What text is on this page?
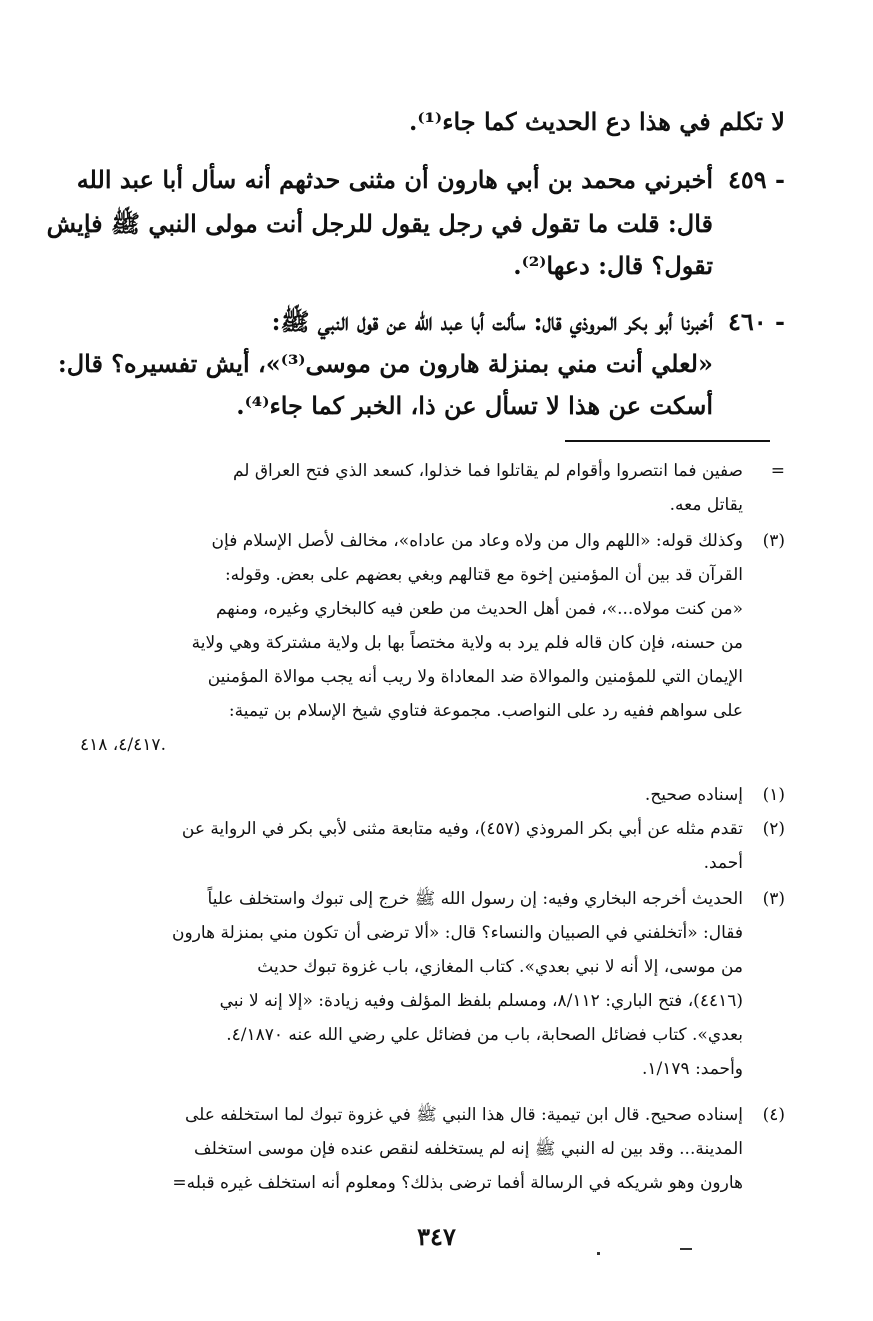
لا تكلم في هذا دع الحديث كما جاء⁽¹⁾.
٤٥٩ -
أخبرني محمد بن أبي هارون أن مثنى حدثهم أنه سأل أبا عبد الله
قال: قلت ما تقول في رجل يقول للرجل أنت مولى النبي ﷺ فإيش
تقول؟ قال: دعها⁽²⁾.
٤٦٠ -
أخبرنا أبو بكر المروذي قال: سألت أبا عبد الله عن قول النبي ﷺ:
«لعلي أنت مني بمنزلة هارون من موسى⁽³⁾»، أيش تفسيره؟ قال:
أسكت عن هذا لا تسأل عن ذا، الخبر كما جاء⁽⁴⁾.
=
صفين فما انتصروا وأقوام لم يقاتلوا فما خذلوا، كسعد الذي فتح العراق لم
يقاتل معه.
(٣)
وكذلك قوله: «اللهم وال من ولاه وعاد من عاداه»، مخالف لأصل الإسلام فإن
القرآن قد بين أن المؤمنين إخوة مع قتالهم وبغي بعضهم على بعض. وقوله:
«من كنت مولاه...»، فمن أهل الحديث من طعن فيه كالبخاري وغيره، ومنهم
من حسنه، فإن كان قاله فلم يرد به ولاية مختصاً بها بل ولاية مشتركة وهي ولاية
الإيمان التي للمؤمنين والموالاة ضد المعاداة ولا ريب أنه يجب موالاة المؤمنين
على سواهم ففيه رد على النواصب. مجموعة فتاوي شيخ الإسلام بن تيمية:
٤/٤١٧، ٤١٨.
(١)
إسناده صحيح.
(٢)
تقدم مثله عن أبي بكر المروذي (٤٥٧)، وفيه متابعة مثنى لأبي بكر في الرواية عن
أحمد.
(٣)
الحديث أخرجه البخاري وفيه: إن رسول الله ﷺ خرج إلى تبوك واستخلف علياً
فقال: «أتخلفني في الصبيان والنساء؟ قال: «ألا ترضى أن تكون مني بمنزلة هارون
من موسى، إلا أنه لا نبي بعدي». كتاب المغازي، باب غزوة تبوك حديث
(٤٤١٦)، فتح الباري: ٨/١١٢، ومسلم بلفظ المؤلف وفيه زيادة: «إلا إنه لا نبي
بعدي». كتاب فضائل الصحابة، باب من فضائل علي رضي الله عنه ٤/١٨٧٠.
وأحمد: ١/١٧٩.
(٤)
إسناده صحيح. قال ابن تيمية: قال هذا النبي ﷺ في غزوة تبوك لما استخلفه على
المدينة... وقد بين له النبي ﷺ إنه لم يستخلفه لنقص عنده فإن موسى استخلف
هارون وهو شريكه في الرسالة أفما ترضى بذلك؟ ومعلوم أنه استخلف غيره قبله=
٣٤٧
